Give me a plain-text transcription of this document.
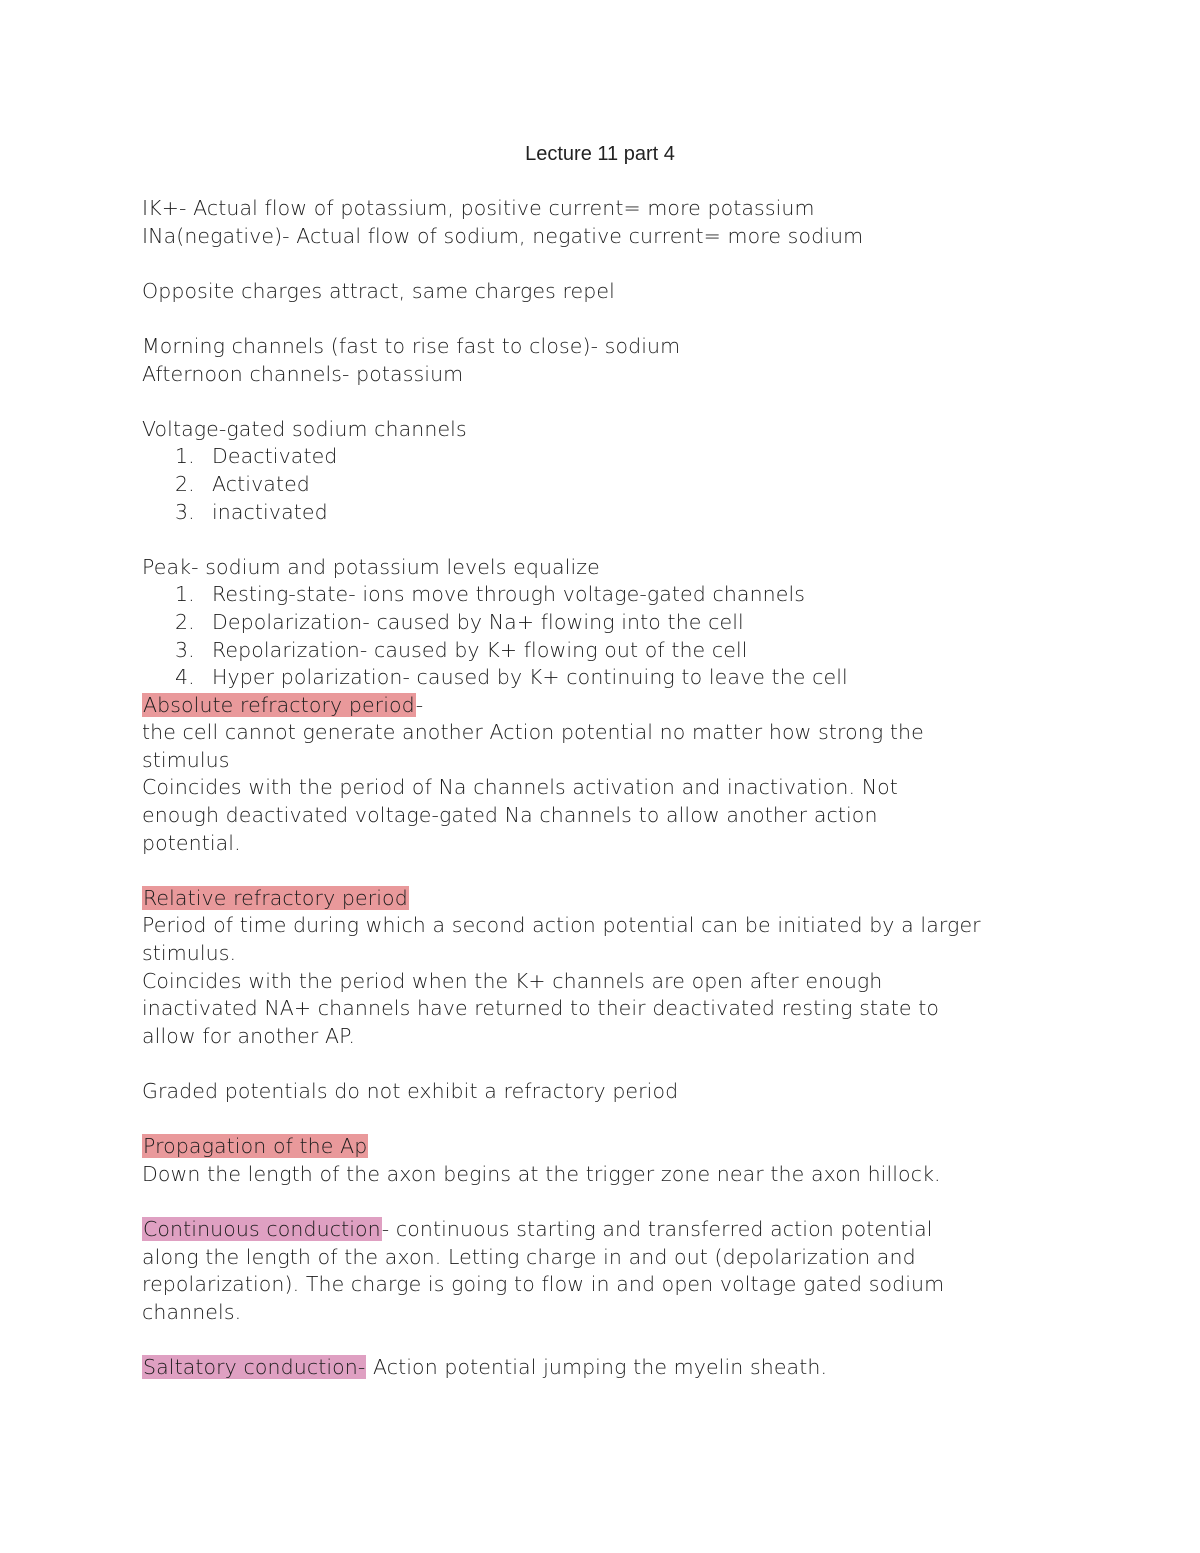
Lecture 11 part 4

IK+- Actual flow of potassium, positive current= more potassium

INa(negative)- Actual flow of sodium, negative current= more sodium

Opposite charges attract, same charges repel

Morning channels (fast to rise fast to close)- sodium

Afternoon channels- potassium

Voltage-gated sodium channels

1. Deactivated
2. Activated
3. inactivated

Peak- sodium and potassium levels equalize

1. Resting-state- ions move through voltage-gated channels
2. Depolarization- caused by Na+ flowing into the cell
3. Repolarization- caused by K+ flowing out of the cell
4. Hyper polarization- caused by K+ continuing to leave the cell

Absolute refractory period-

the cell cannot generate another Action potential no matter how strong the

stimulus

Coincides with the period of Na channels activation and inactivation. Not

enough deactivated voltage-gated Na channels to allow another action

potential.

Relative refractory period

Period of time during which a second action potential can be initiated by a larger

stimulus.

Coincides with the period when the K+ channels are open after enough

inactivated NA+ channels have returned to their deactivated resting state to

allow for another AP.

Graded potentials do not exhibit a refractory period

Propagation of the Ap

Down the length of the axon begins at the trigger zone near the axon hillock.

Continuous conduction- continuous starting and transferred action potential

along the length of the axon. Letting charge in and out (depolarization and

repolarization). The charge is going to flow in and open voltage gated sodium

channels.

Saltatory conduction- Action potential jumping the myelin sheath.
